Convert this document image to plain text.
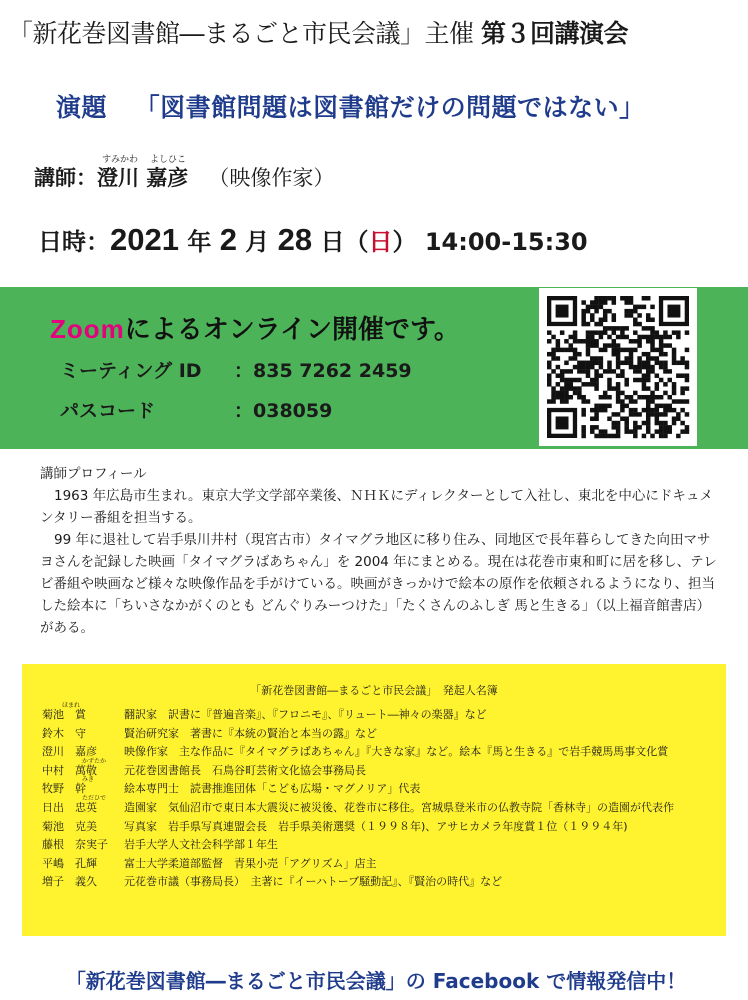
「新花巻図書館―まるごと市民会議」主催 第３回講演会
演題 「図書館問題は図書館だけの問題ではない」
すみかわ よしひこ
講師：澄川 嘉彦 （映像作家）
日時：2021 年 2 月 28 日（日） 14:00-15:30
Zoomによるオンライン開催です。
ミーティング ID ：835 7262 2459
パスコード	：038059

講師プロフィール

1963 年広島市生まれ。東京大学文学部卒業後、ＮＨＫにディレクターとして入社し、東北を中心にドキュメンタリー番組を担当する。

99 年に退社して岩手県川井村（現宮古市）タイマグラ地区に移り住み、同地区で長年暮らしてきた向田マサヨさんを記録した映画「タイマグラばあちゃん」を 2004 年にまとめる。現在は花巻市東和町に居を移し、テレビ番組や映画など様々な映像作品を手がけている。映画がきっかけで絵本の原作を依頼されるようになり、担当した絵本に「ちいさなかがくのとも どんぐりみーつけた」「たくさんのふしぎ 馬と生きる」（以上福音館書店）がある。

「新花巻図書館―まるごと市民会議」　発起人名簿
ほまれ
菊池　賞	翻訳家　訳書に『普遍音楽』、『フロニモ』、『リュート―神々の楽器』など
鈴木　守	賢治研究家　著書に『本統の賢治と本当の露』など
澄川　嘉彦 映像作家　主な作品に『タイマグラばあちゃん』『大きな家』など。絵本『馬と生きる』で岩手競馬馬事文化賞
かずたか
中村　萬敬 元花巻図書館長　石鳥谷町芸術文化協会事務局長
みき
牧野　幹	絵本専門士　読書推進団体「こども広場・マグノリア」代表
ただひで
日出　忠英 造園家　気仙沼市で東日本大震災に被災後、花巻市に移住。宮城県登米市の仏教寺院「香林寺」の造園が代表作
菊池　克美 写真家　岩手県写真連盟会長　岩手県美術選奨（１９９８年)、アサヒカメラ年度賞１位（１９９４年)
藤根　奈実子 岩手大学人文社会科学部１年生
平嶋　孔輝 富士大学柔道部監督　青果小売「アグリズム」店主
増子　義久 元花巻市議（事務局長）　主著に『イーハトーブ騒動記』、『賢治の時代』など
「新花巻図書館―まるごと市民会議」の Facebook で情報発信中！
